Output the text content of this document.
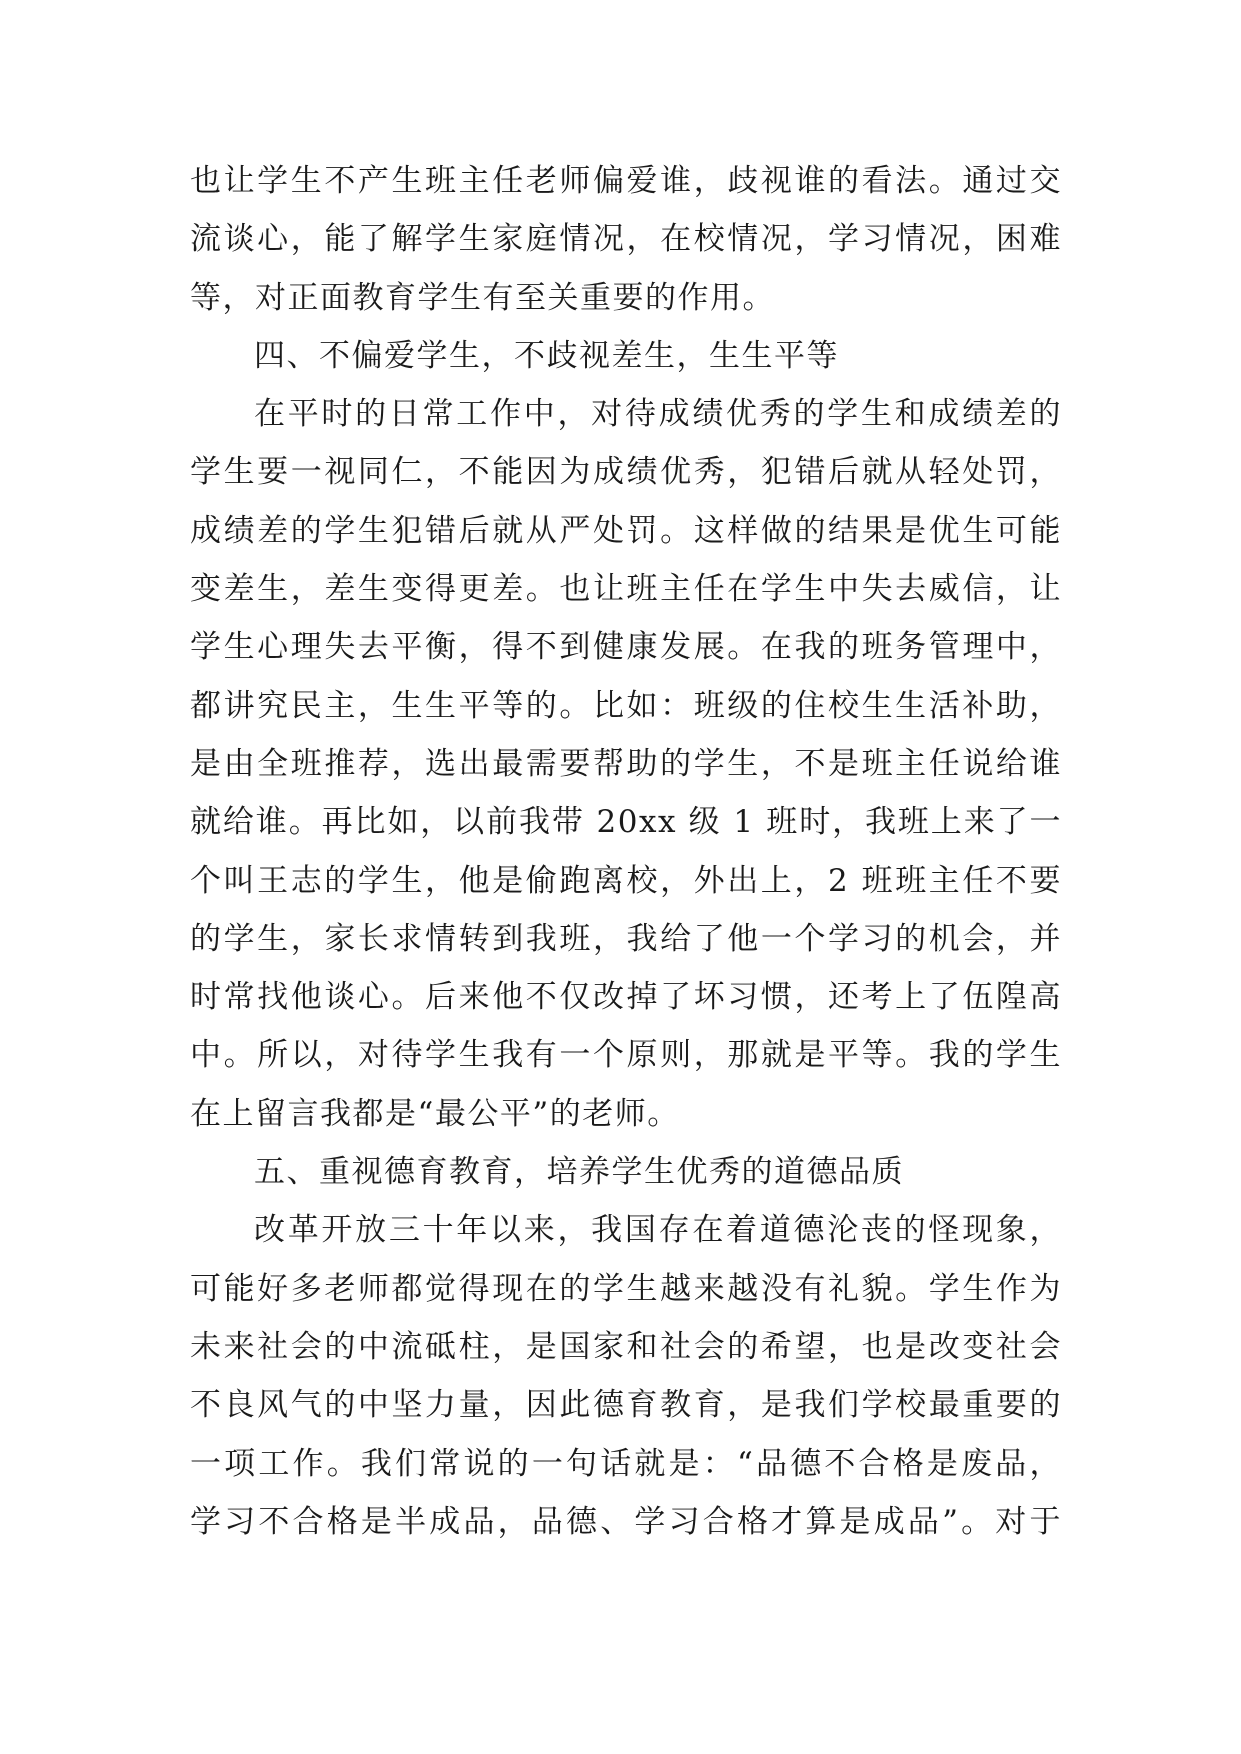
也让学生不产生班主任老师偏爱谁，歧视谁的看法。通过交
流谈心，能了解学生家庭情况，在校情况，学习情况，困难
等，对正面教育学生有至关重要的作用。
四、不偏爱学生，不歧视差生，生生平等
在平时的日常工作中，对待成绩优秀的学生和成绩差的
学生要一视同仁，不能因为成绩优秀，犯错后就从轻处罚，
成绩差的学生犯错后就从严处罚。这样做的结果是优生可能
变差生，差生变得更差。也让班主任在学生中失去威信，让
学生心理失去平衡，得不到健康发展。在我的班务管理中，
都讲究民主，生生平等的。比如：班级的住校生生活补助，
是由全班推荐，选出最需要帮助的学生，不是班主任说给谁
就给谁。再比如，以前我带 20xx 级 1 班时，我班上来了一
个叫王志的学生，他是偷跑离校，外出上，2 班班主任不要
的学生，家长求情转到我班，我给了他一个学习的机会，并
时常找他谈心。后来他不仅改掉了坏习惯，还考上了伍隍高
中。所以，对待学生我有一个原则，那就是平等。我的学生
在上留言我都是“最公平”的老师。
五、重视德育教育，培养学生优秀的道德品质
改革开放三十年以来，我国存在着道德沦丧的怪现象，
可能好多老师都觉得现在的学生越来越没有礼貌。学生作为
未来社会的中流砥柱，是国家和社会的希望，也是改变社会
不良风气的中坚力量，因此德育教育，是我们学校最重要的
一项工作。我们常说的一句话就是：“品德不合格是废品，
学习不合格是半成品，品德、学习合格才算是成品”。对于
